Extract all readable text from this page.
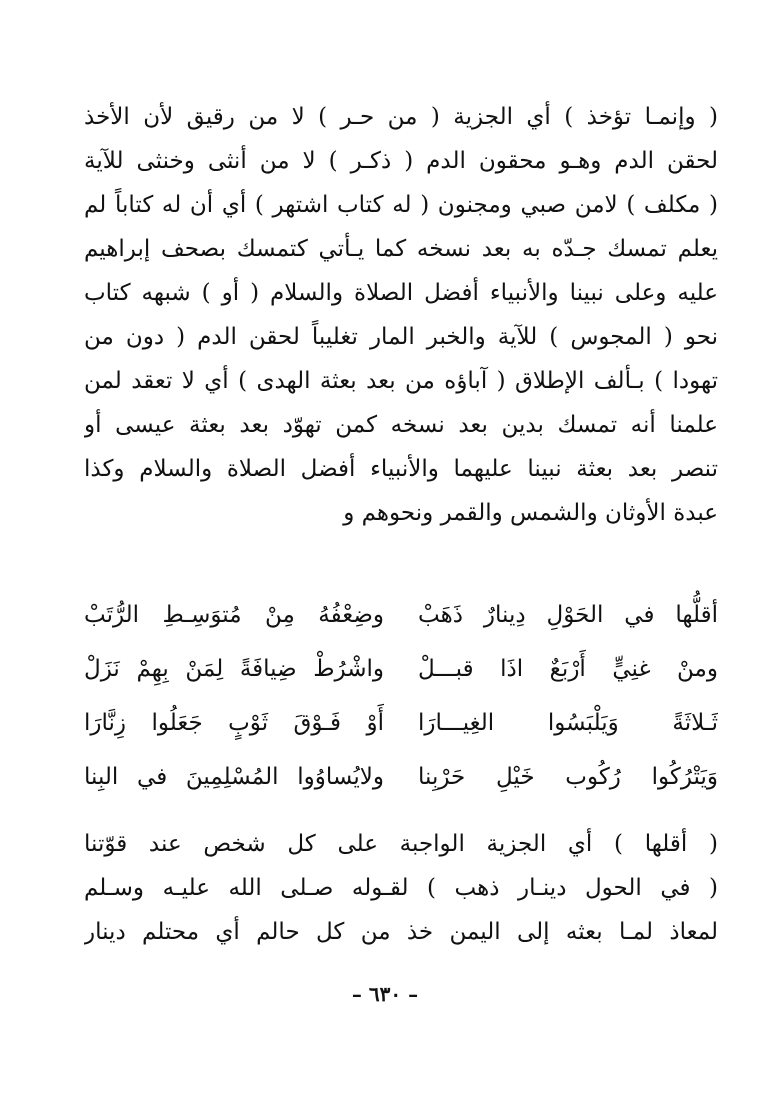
( وإنمـا تؤخذ ) أي الجزية ( من حـر ) لا من رقيق لأن الأخذ
لحقن الدم وهـو محقون الدم ( ذكـر ) لا من أنثى وخنثى للآية
( مكلف ) لامن صبي ومجنون ( له كتاب اشتهر ) أي أن له كتاباً لم
يعلم تمسك جـدّه به بعد نسخه كما يـأتي كتمسك بصحف إبراهيم
عليه وعلى نبينا والأنبياء أفضل الصلاة والسلام ( أو ) شبهه كتاب
نحو ( المجوس ) للآية والخبر المار تغليباً لحقن الدم ( دون من
تهودا ) بـألف الإطلاق ( آباؤه من بعد بعثة الهدى ) أي لا تعقد لمن
علمنا أنه تمسك بدين بعد نسخه كمن تهوّد بعد بعثة عيسى أو
تنصر بعد بعثة نبينا عليهما والأنبياء أفضل الصلاة والسلام وكذا
عبدة الأوثان والشمس والقمر ونحوهم و
أقلُّها في الحَوْلِ دِينارٌ ذَهَبْ
وضِعْفُهُ مِنْ مُتوَسِـطِ الرُّتَبْ
ومنْ غنِيٍّ أَرْبَعٌ اذَا قبـــلْ
واشْرُطْ ضِيافَةً لِمَنْ بِهِمْ نَزَلْ
ثَـلاثَةً وَيَلْبَسُوا الغِيـــارَا
أَوْ فَـوْقَ ثَوْبٍ جَعَلُوا زِنَّارَا
وَيَتْرُكُوا رُكُوب خَيْلِ حَرْبِنا
ولايُساوُوا المُسْلِمِينَ في البِنا
( أقلها ) أي الجزية الواجبة على كل شخص عند قوّتنا
( في الحول دينـار ذهب ) لقـوله صـلى الله عليـه وسـلم
لمعاذ لمـا بعثه إلى اليمن خذ من كل حالم أي محتلم دينار
– ٦٣٠ –
